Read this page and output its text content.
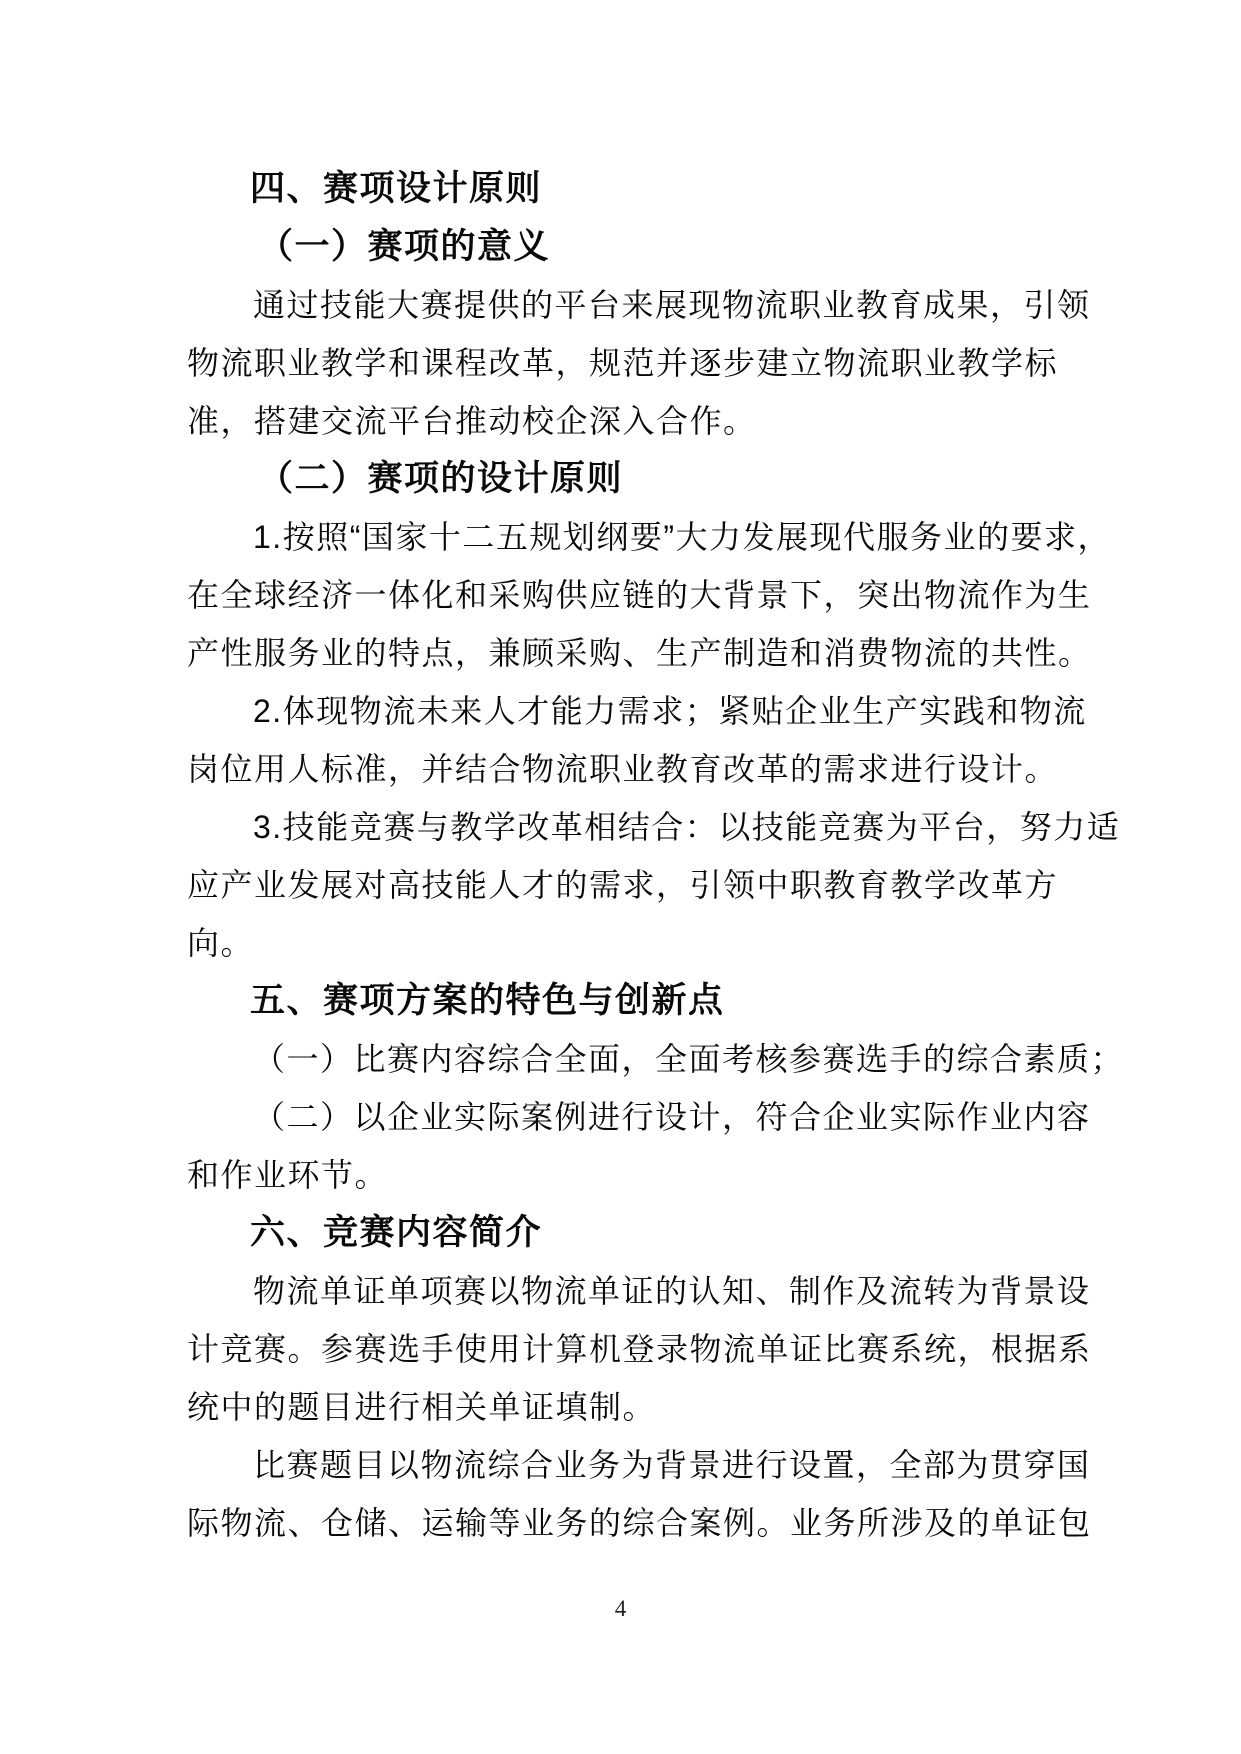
四、赛项设计原则
（一）赛项的意义
通过技能大赛提供的平台来展现物流职业教育成果，引领
物流职业教学和课程改革，规范并逐步建立物流职业教学标
准，搭建交流平台推动校企深入合作。
（二）赛项的设计原则
1.按照“国家十二五规划纲要”大力发展现代服务业的要求，
在全球经济一体化和采购供应链的大背景下，突出物流作为生
产性服务业的特点，兼顾采购、生产制造和消费物流的共性。
2.体现物流未来人才能力需求；紧贴企业生产实践和物流
岗位用人标准，并结合物流职业教育改革的需求进行设计。
3.技能竞赛与教学改革相结合：以技能竞赛为平台，努力适
应产业发展对高技能人才的需求，引领中职教育教学改革方
向。
五、赛项方案的特色与创新点
（一）比赛内容综合全面，全面考核参赛选手的综合素质；
（二）以企业实际案例进行设计，符合企业实际作业内容
和作业环节。
六、竞赛内容简介
物流单证单项赛以物流单证的认知、制作及流转为背景设
计竞赛。参赛选手使用计算机登录物流单证比赛系统，根据系
统中的题目进行相关单证填制。
比赛题目以物流综合业务为背景进行设置，全部为贯穿国
际物流、仓储、运输等业务的综合案例。业务所涉及的单证包
4
